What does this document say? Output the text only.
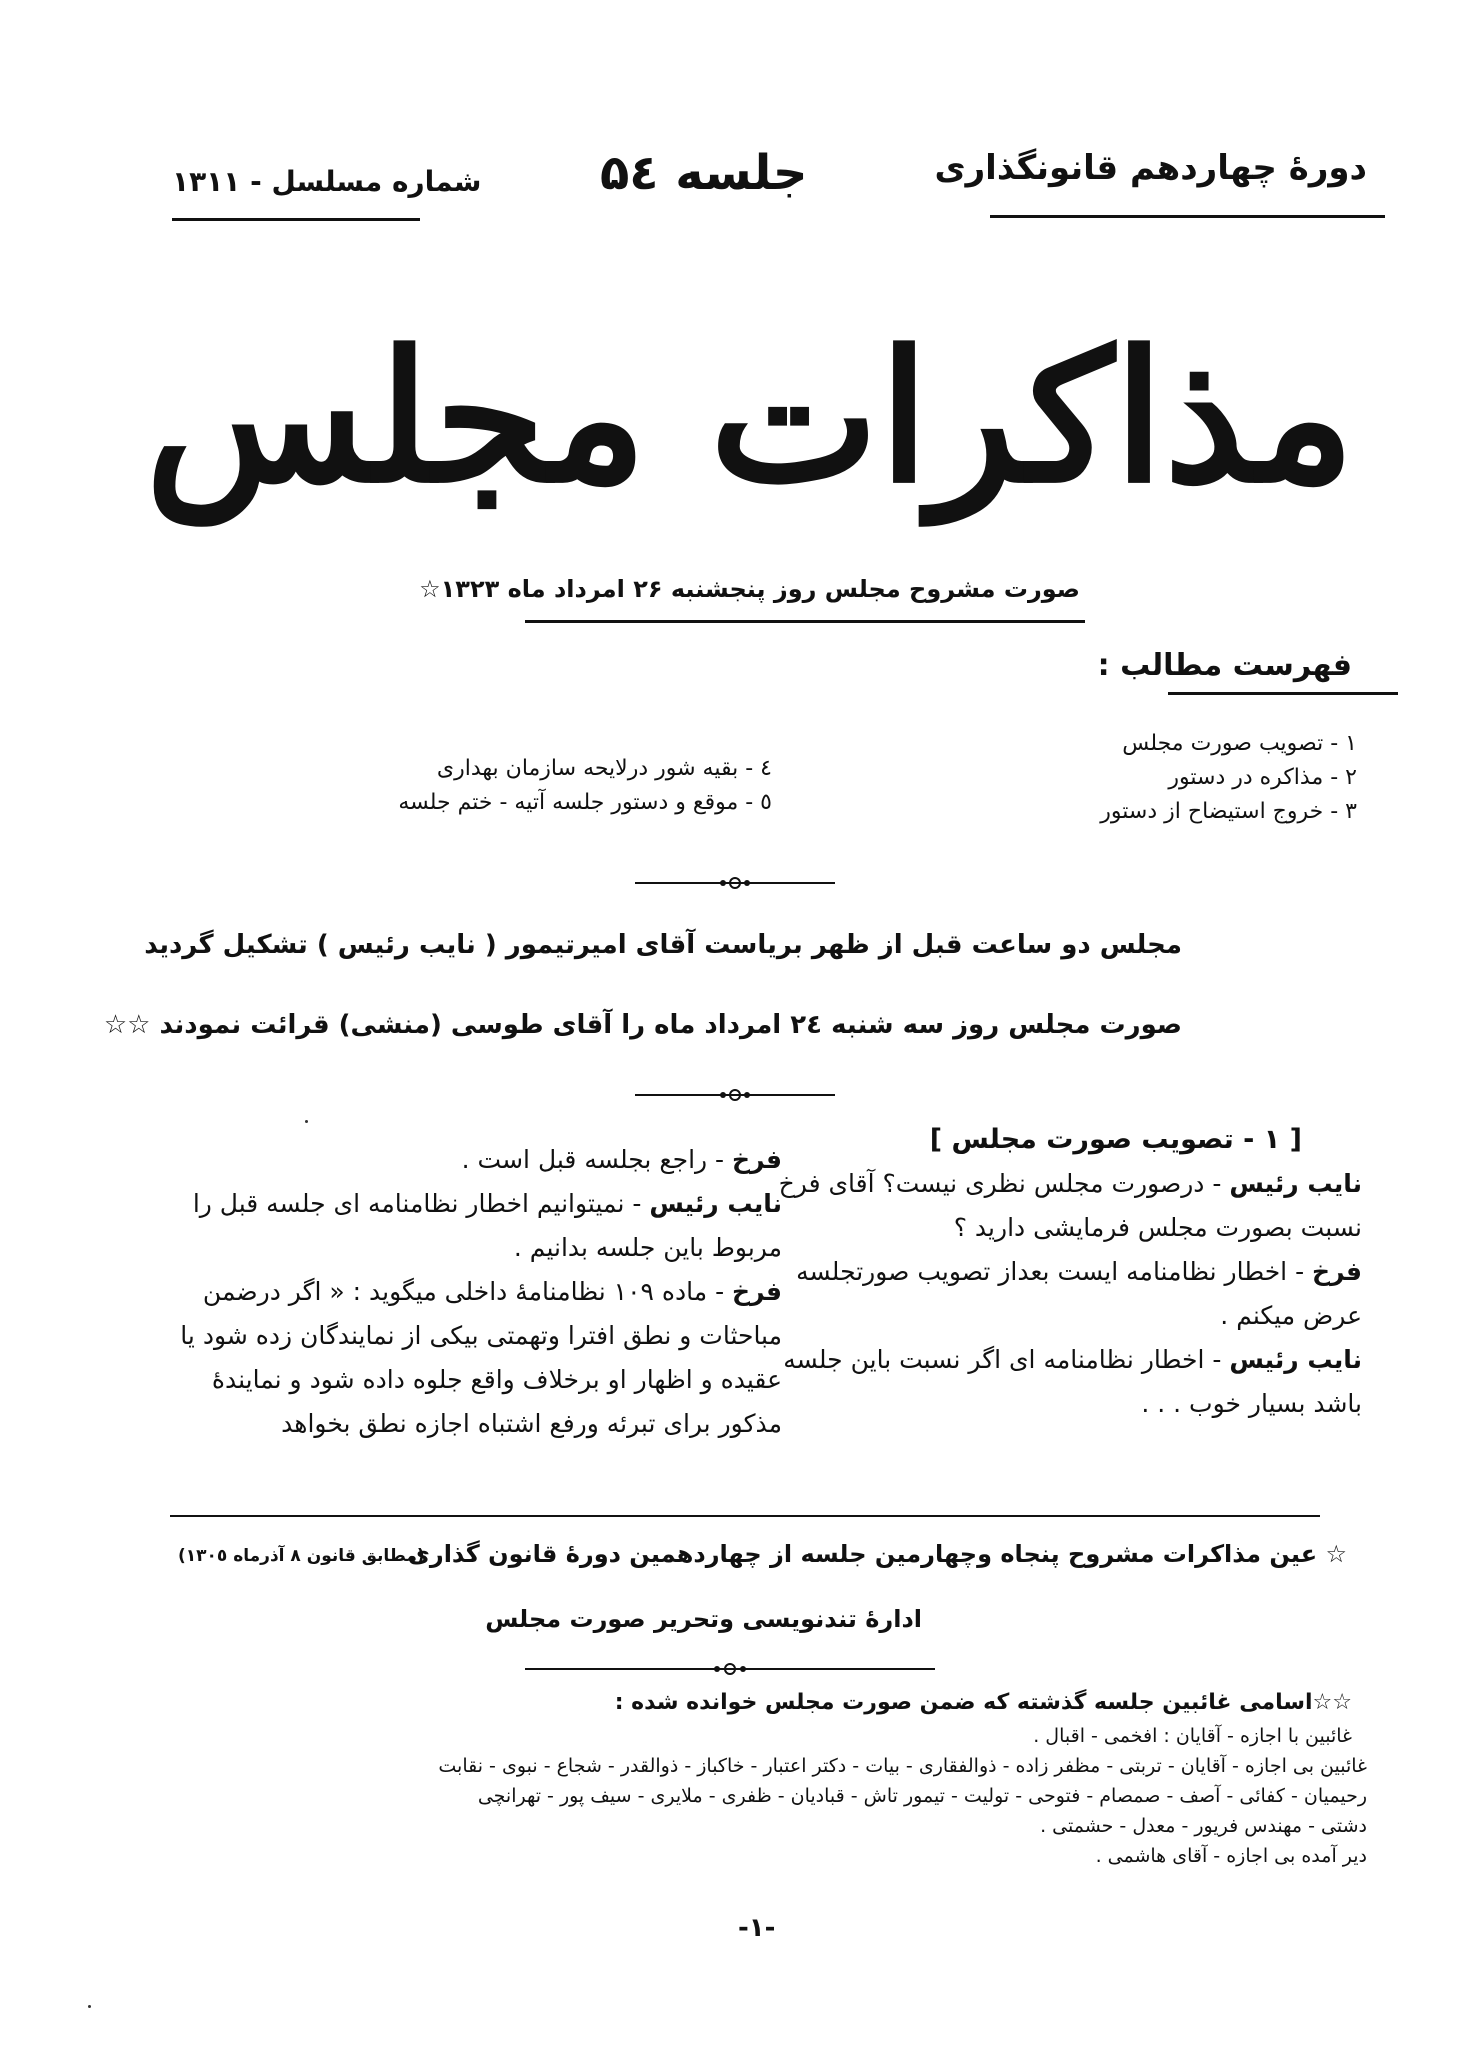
شماره مسلسل - ۱۳۱۱ جلسه ۵٤	دورهٔ چهاردهم قانونگذاری
مذاکرات مجلس
صورت مشروح مجلس روز پنجشنبه ۲۶ امرداد ماه ۱۳۲۳☆
فهرست مطالب :
۱ - تصویب صورت مجلس
۲ - مذاکره در دستور
۳ - خروج استیضاح از دستور
٤ - بقیه شور درلایحه سازمان بهداری
٥ - موقع و دستور جلسه آتیه - ختم جلسه
مجلس دو ساعت قبل از ظهر بریاست آقای امیرتیمور ( نایب رئیس ) تشکیل گردید
صورت مجلس روز سه شنبه ۲٤ امرداد ماه را آقای طوسی (منشی) قرائت نمودند ☆☆
[ ۱ - تصویب صورت مجلس ]
نایب رئیس - درصورت مجلس نظری نیست؟ آقای فرخ نسبت بصورت مجلس فرمایشی دارید ؟
فرخ - اخطار نظامنامه ایست بعداز تصویب صورتجلسه عرض میکنم .
نایب رئیس - اخطار نظامنامه ای اگر نسبت باین جلسه باشد بسیار خوب . . .
فرخ - راجع بجلسه قبل است .
نایب رئیس - نمیتوانیم اخطار نظامنامه ای جلسه قبل را مربوط باین جلسه بدانیم .
فرخ - ماده ۱۰۹ نظامنامهٔ داخلی میگوید : « اگر درضمن مباحثات و نطق افترا وتهمتی بیکی از نمایندگان زده شود یا عقیده و اظهار او برخلاف واقع جلوه داده شود و نمایندهٔ مذکور برای تبرئه ورفع اشتباه اجازه نطق بخواهد
☆ عین مذاکرات مشروح پنجاه وچهارمین جلسه از چهاردهمین دورهٔ قانون گذاری
(مطابق قانون ۸ آذرماه ۱۳۰٥)
ادارهٔ تندنویسی وتحریر صورت مجلس
☆☆اسامی غائبین جلسه گذشته که ضمن صورت مجلس خوانده شده :
غائبین با اجازه - آقایان : افخمی - اقبال .
غائبین بی اجازه - آقایان - تربتی - مظفر زاده - ذوالفقاری - بیات - دکتر اعتبار - خاکباز - ذوالقدر - شجاع - نبوی - نقابت
رحیمیان - کفائی - آصف - صمصام - فتوحی - تولیت - تیمور تاش - قبادیان - ظفری - ملایری - سیف پور - تهرانچی
دشتی - مهندس فریور - معدل - حشمتی .
دیر آمده بی اجازه - آقای هاشمی .
-۱-
